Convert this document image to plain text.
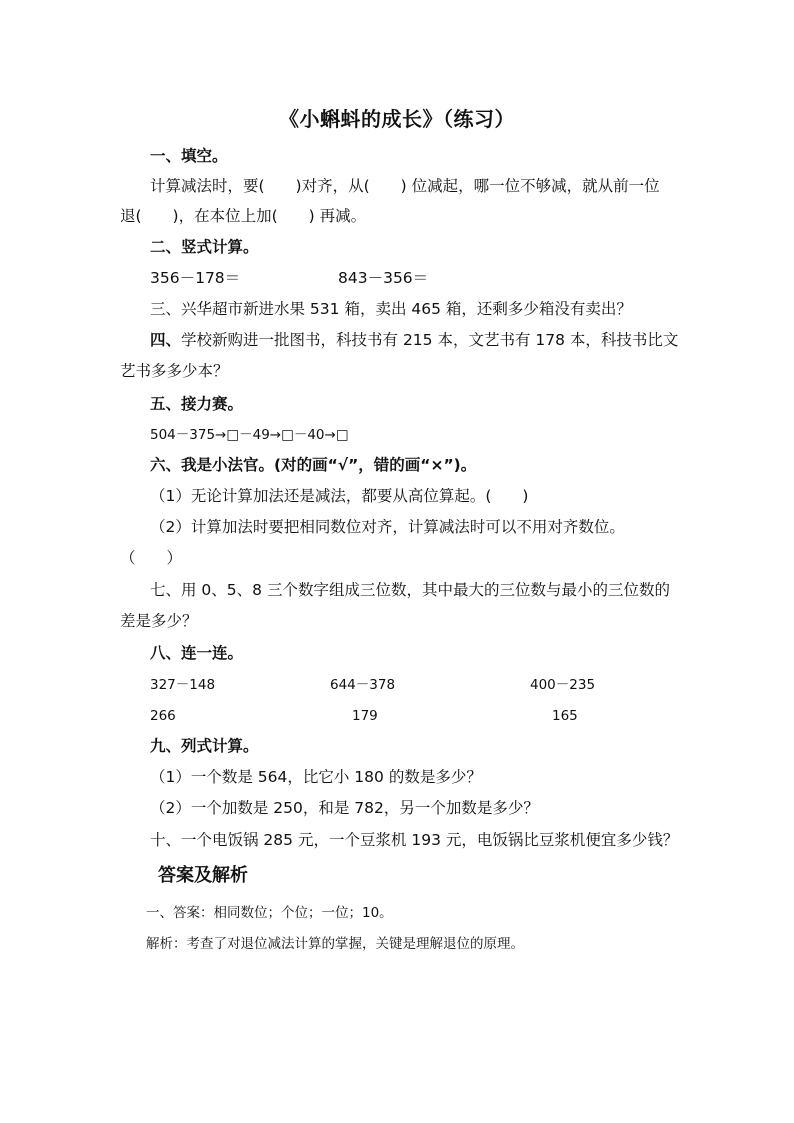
《小蝌蚪的成长》（练习）
一、填空。
计算减法时，要(　　)对齐，从(　　) 位减起，哪一位不够减，就从前一位
退(　　)，在本位上加(　　) 再减。
二、竖式计算。
356－178＝	843－356＝
三、兴华超市新进水果 531 箱，卖出 465 箱，还剩多少箱没有卖出？
四、学校新购进一批图书，科技书有 215 本，文艺书有 178 本，科技书比文
艺书多多少本？
五、接力赛。
504－375→□－49→□－40→□
六、我是小法官。(对的画“√”，错的画“×”)。
（1）无论计算加法还是减法，都要从高位算起。(　　)
（2）计算加法时要把相同数位对齐，计算减法时可以不用对齐数位。
（　　）
七、用 0、5、8 三个数字组成三位数，其中最大的三位数与最小的三位数的
差是多少？
八、连一连。
327－148	644－378	400－235
266	179	165
九、列式计算。
（1）一个数是 564，比它小 180 的数是多少？
（2）一个加数是 250，和是 782，另一个加数是多少？
十、一个电饭锅 285 元，一个豆浆机 193 元，电饭锅比豆浆机便宜多少钱？
答案及解析
一、答案：相同数位；个位；一位；10。
解析：考查了对退位减法计算的掌握，关键是理解退位的原理。
